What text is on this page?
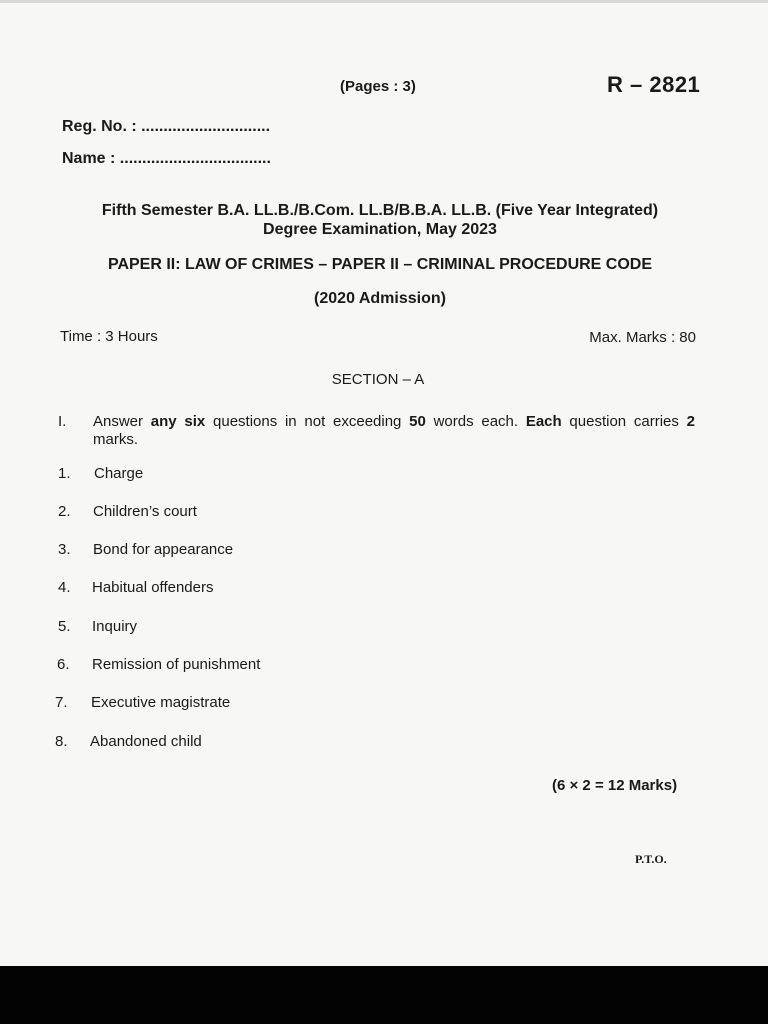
(Pages : 3)	R – 2821
Reg. No. : .............................
Name : ..................................
Fifth Semester B.A. LL.B./B.Com. LL.B/B.B.A. LL.B. (Five Year Integrated)
Degree Examination, May 2023
PAPER II: LAW OF CRIMES – PAPER II – CRIMINAL PROCEDURE CODE
(2020 Admission)
Time : 3 Hours	Max. Marks : 80
SECTION – A
I. Answer any six questions in not exceeding 50 words each. Each question carries 2 marks.
1. Charge
2. Children’s court
3. Bond for appearance
4. Habitual offenders
5. Inquiry
6. Remission of punishment
7. Executive magistrate
8. Abandoned child
(6 × 2 = 12 Marks)
P.T.O.
